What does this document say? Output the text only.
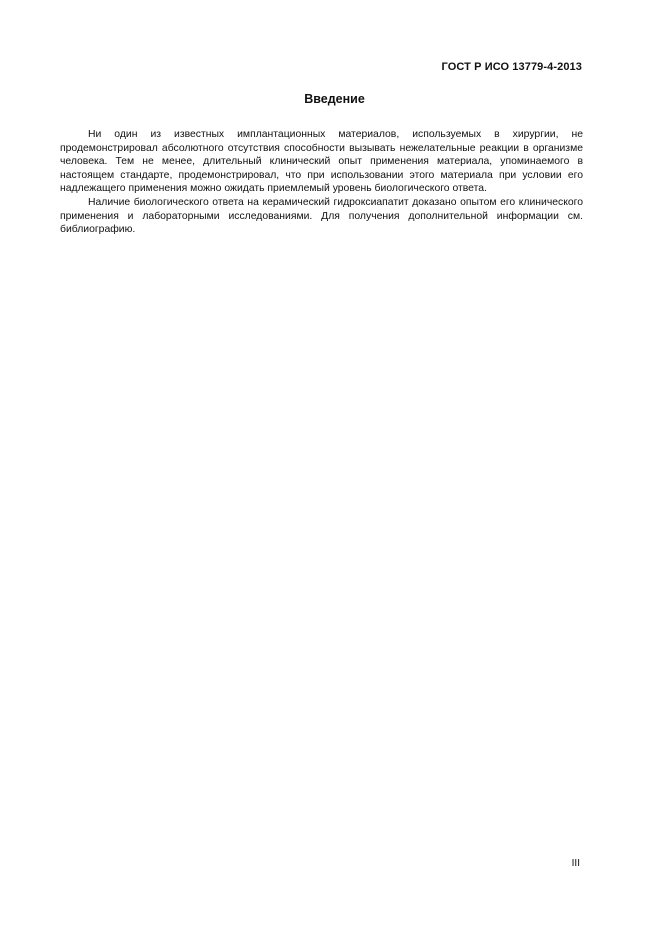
ГОСТ Р ИСО 13779-4-2013
Введение

Ни один из известных имплантационных материалов, используемых в хирургии, не продемонстрировал абсолютного отсутствия способности вызывать нежелательные реакции в организме человека. Тем не менее, длительный клинический опыт применения материала, упоминаемого в настоящем стандарте, продемонстрировал, что при использовании этого материала при условии его надлежащего применения можно ожидать приемлемый уровень биологического ответа.

Наличие биологического ответа на керамический гидроксиапатит доказано опытом его клинического применения и лабораторными исследованиями. Для получения дополнительной информации см. библиографию.

III
